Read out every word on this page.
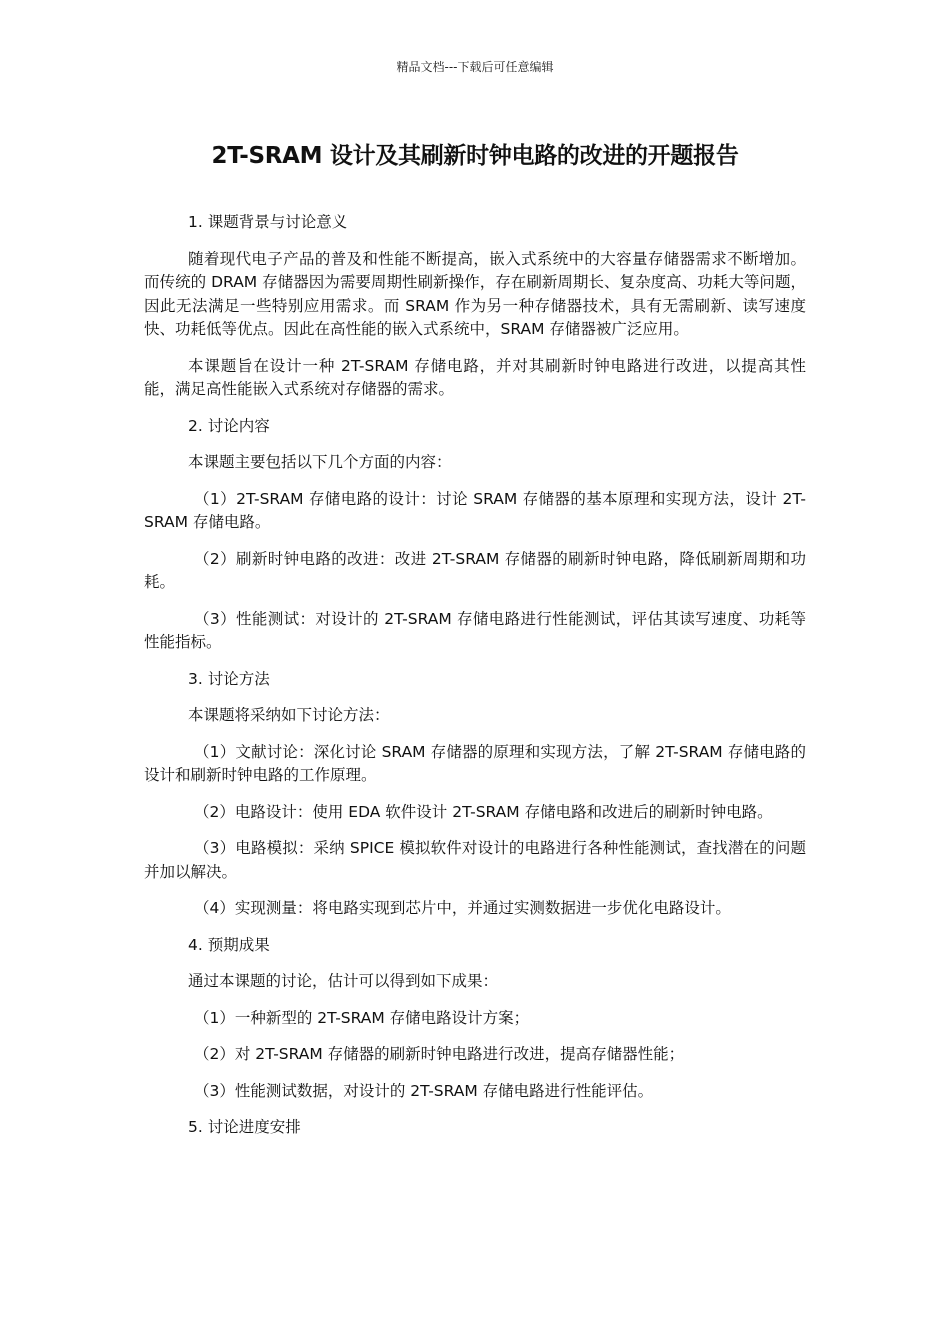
精品文档---下载后可任意编辑
2T-SRAM 设计及其刷新时钟电路的改进的开题报告

1. 课题背景与讨论意义

随着现代电子产品的普及和性能不断提高，嵌入式系统中的大容量存储器需求不断增加。而传统的 DRAM 存储器因为需要周期性刷新操作，存在刷新周期长、复杂度高、功耗大等问题，因此无法满足一些特别应用需求。而 SRAM 作为另一种存储器技术，具有无需刷新、读写速度快、功耗低等优点。因此在高性能的嵌入式系统中，SRAM 存储器被广泛应用。

本课题旨在设计一种 2T-SRAM 存储电路，并对其刷新时钟电路进行改进，以提高其性能，满足高性能嵌入式系统对存储器的需求。

2. 讨论内容

本课题主要包括以下几个方面的内容：

（1）2T-SRAM 存储电路的设计：讨论 SRAM 存储器的基本原理和实现方法，设计 2T-SRAM 存储电路。

（2）刷新时钟电路的改进：改进 2T-SRAM 存储器的刷新时钟电路，降低刷新周期和功耗。

（3）性能测试：对设计的 2T-SRAM 存储电路进行性能测试，评估其读写速度、功耗等性能指标。

3. 讨论方法

本课题将采纳如下讨论方法：

（1）文献讨论：深化讨论 SRAM 存储器的原理和实现方法，了解 2T-SRAM 存储电路的设计和刷新时钟电路的工作原理。

（2）电路设计：使用 EDA 软件设计 2T-SRAM 存储电路和改进后的刷新时钟电路。

（3）电路模拟：采纳 SPICE 模拟软件对设计的电路进行各种性能测试，查找潜在的问题并加以解决。

（4）实现测量：将电路实现到芯片中，并通过实测数据进一步优化电路设计。

4. 预期成果

通过本课题的讨论，估计可以得到如下成果：

（1）一种新型的 2T-SRAM 存储电路设计方案；

（2）对 2T-SRAM 存储器的刷新时钟电路进行改进，提高存储器性能；

（3）性能测试数据，对设计的 2T-SRAM 存储电路进行性能评估。

5. 讨论进度安排
